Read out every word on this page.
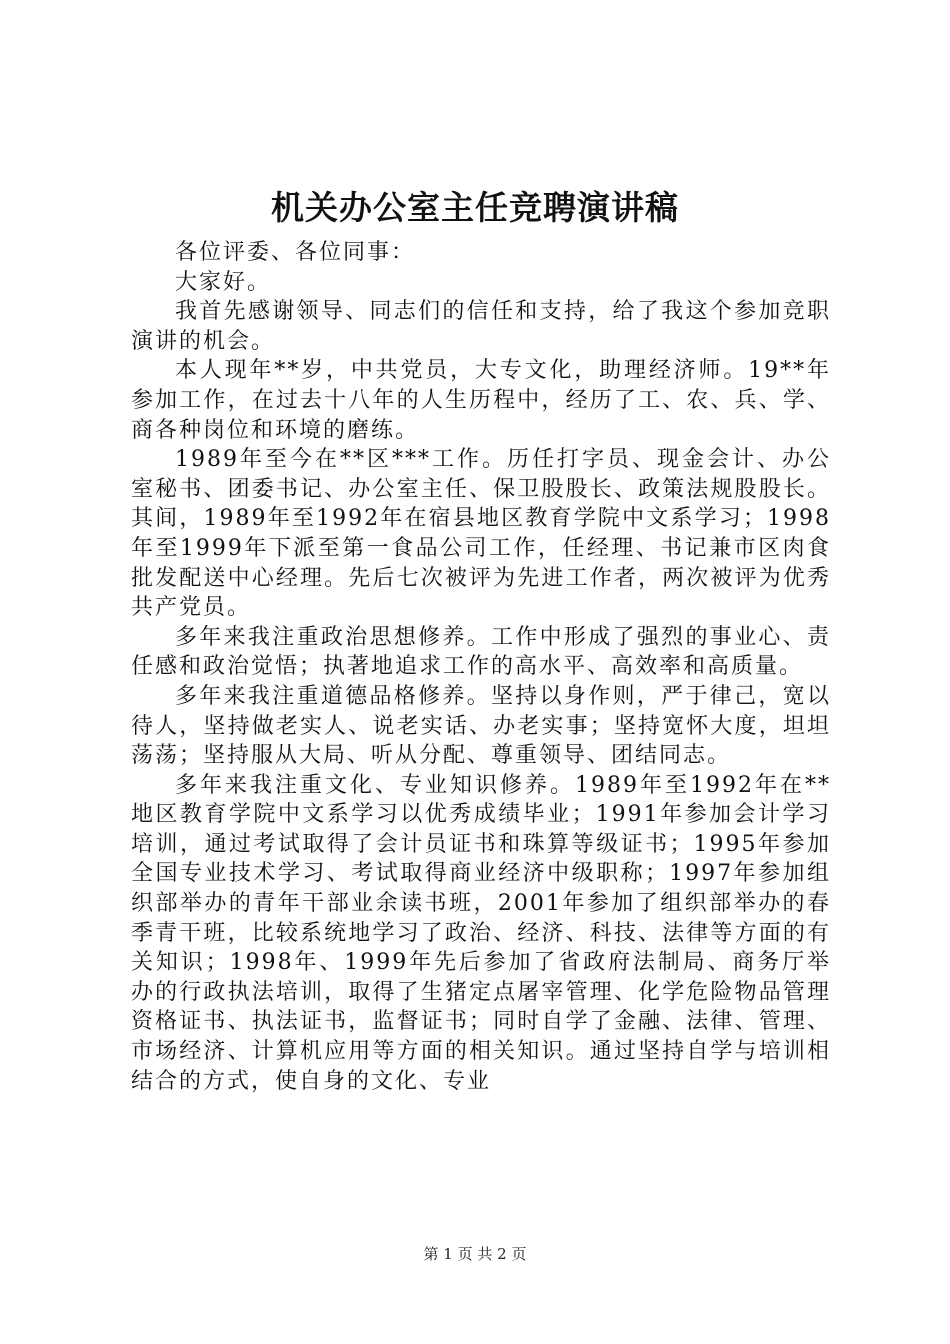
机关办公室主任竞聘演讲稿

各位评委、各位同事：

大家好。

我首先感谢领导、同志们的信任和支持，给了我这个参加竞职演讲的机会。

本人现年**岁，中共党员，大专文化，助理经济师。19**年参加工作，在过去十八年的人生历程中，经历了工、农、兵、学、商各种岗位和环境的磨练。

1989年至今在**区***工作。历任打字员、现金会计、办公室秘书、团委书记、办公室主任、保卫股股长、政策法规股股长。其间，1989年至1992年在宿县地区教育学院中文系学习；1998年至1999年下派至第一食品公司工作，任经理、书记兼市区肉食批发配送中心经理。先后七次被评为先进工作者，两次被评为优秀共产党员。

多年来我注重政治思想修养。工作中形成了强烈的事业心、责任感和政治觉悟；执著地追求工作的高水平、高效率和高质量。

多年来我注重道德品格修养。坚持以身作则，严于律己，宽以待人，坚持做老实人、说老实话、办老实事；坚持宽怀大度，坦坦荡荡；坚持服从大局、听从分配、尊重领导、团结同志。

多年来我注重文化、专业知识修养。1989年至1992年在**地区教育学院中文系学习以优秀成绩毕业；1991年参加会计学习培训，通过考试取得了会计员证书和珠算等级证书；1995年参加全国专业技术学习、考试取得商业经济中级职称；1997年参加组织部举办的青年干部业余读书班，2001年参加了组织部举办的春季青干班，比较系统地学习了政治、经济、科技、法律等方面的有关知识；1998年、1999年先后参加了省政府法制局、商务厅举办的行政执法培训，取得了生猪定点屠宰管理、化学危险物品管理资格证书、执法证书，监督证书；同时自学了金融、法律、管理、市场经济、计算机应用等方面的相关知识。通过坚持自学与培训相结合的方式，使自身的文化、专业

第 1 页 共 2 页
